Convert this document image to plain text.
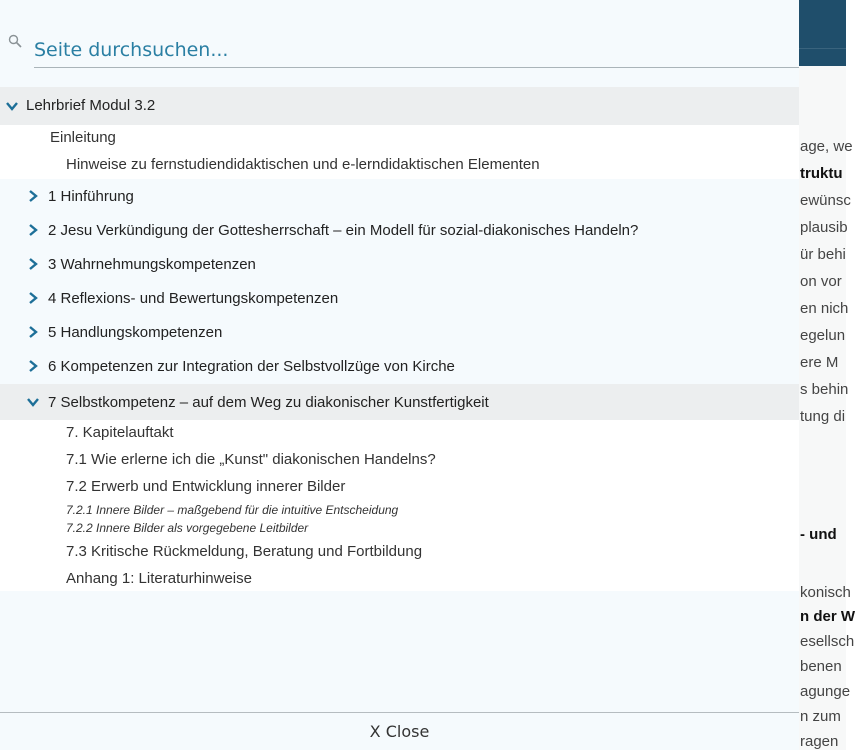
age, we
truktu
ewünsc
plausib
ür behi
on vor
en nich
egelun
ere M
s behin
tung di
- und
konisch
n der W
esellsch
benen
agunge
n zum
ragen
Seite durchsuchen...
Lehrbrief Modul 3.2
Einleitung
Hinweise zu fernstudiendidaktischen und e-lerndidaktischen Elementen
1 Hinführung
2 Jesu Verkündigung der Gottesherrschaft – ein Modell für sozial-diakonisches Handeln?
3 Wahrnehmungskompetenzen
4 Reflexions- und Bewertungskompetenzen
5 Handlungskompetenzen
6 Kompetenzen zur Integration der Selbstvollzüge von Kirche
7 Selbstkompetenz – auf dem Weg zu diakonischer Kunstfertigkeit
7. Kapitelauftakt
7.1 Wie erlerne ich die „Kunst" diakonischen Handelns?
7.2 Erwerb und Entwicklung innerer Bilder
7.2.1 Innere Bilder – maßgebend für die intuitive Entscheidung
7.2.2 Innere Bilder als vorgegebene Leitbilder
7.3 Kritische Rückmeldung, Beratung und Fortbildung
Anhang 1: Literaturhinweise
X Close
